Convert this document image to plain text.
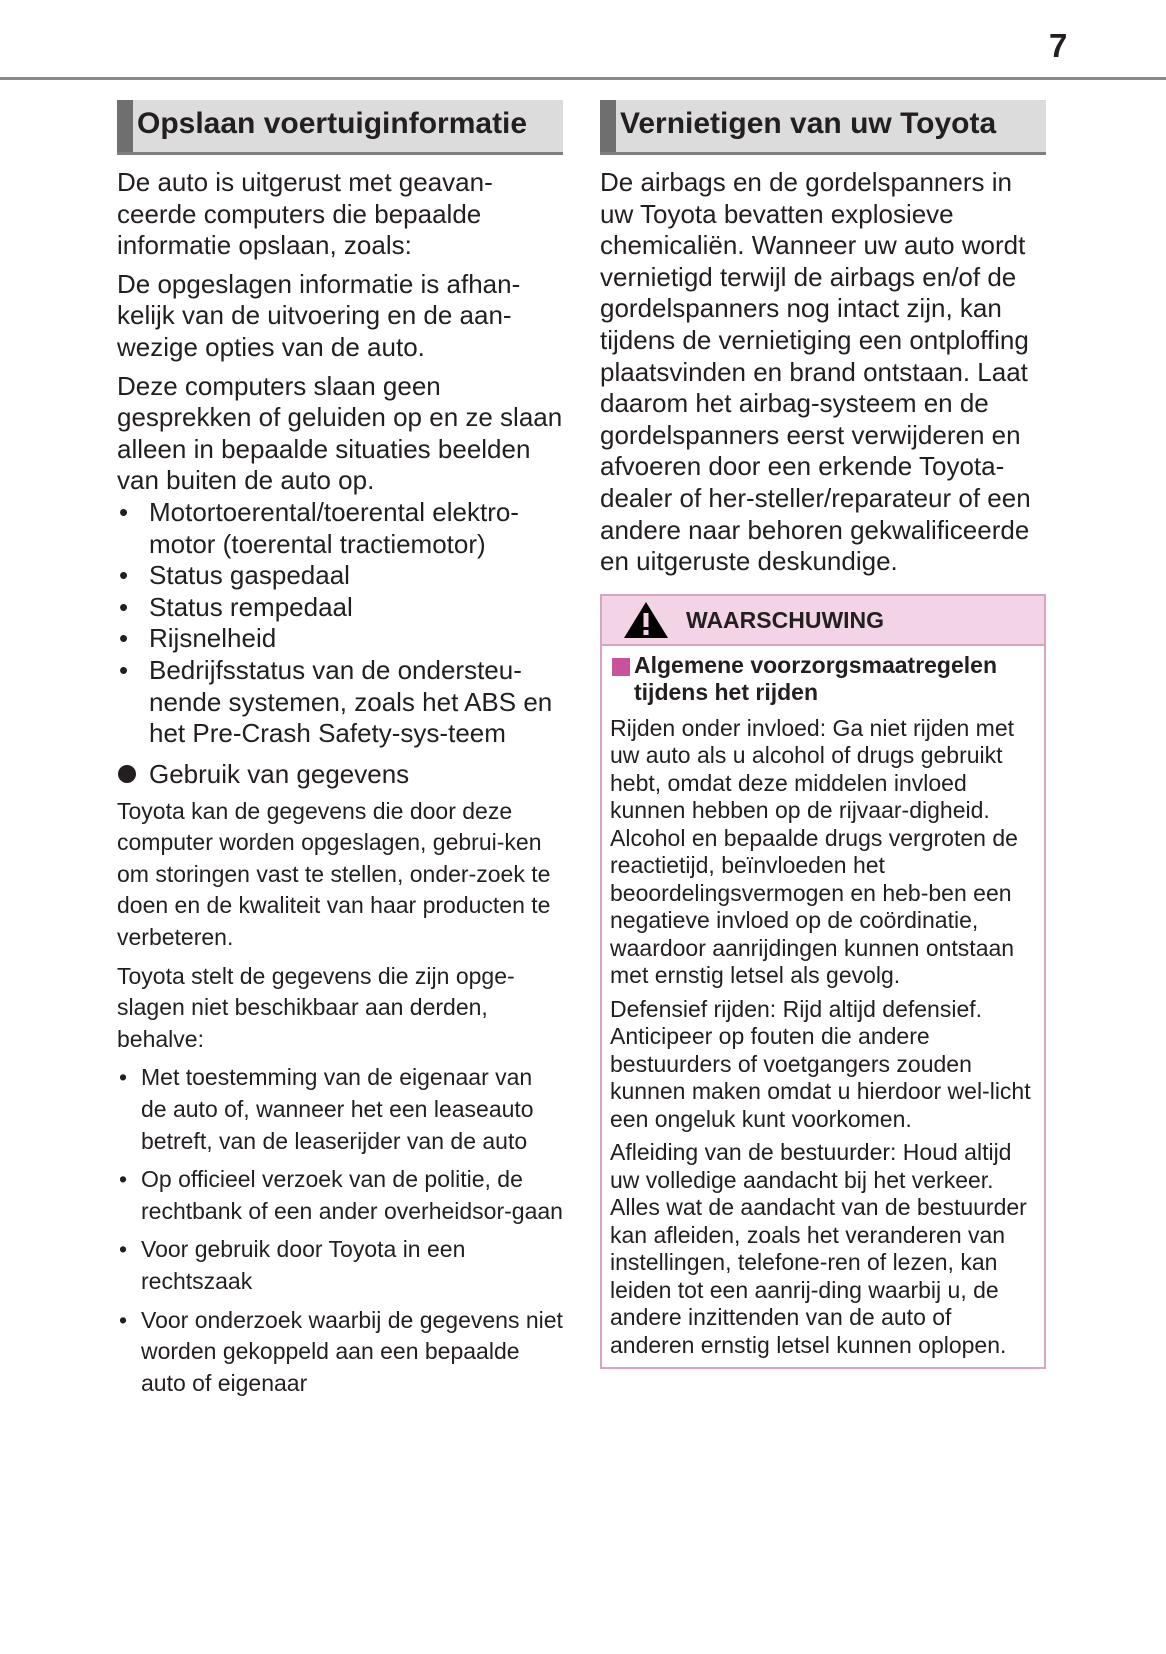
7
Opslaan voertuiginformatie

De auto is uitgerust met geavan-ceerde computers die bepaalde informatie opslaan, zoals:

De opgeslagen informatie is afhan-kelijk van de uitvoering en de aan-wezige opties van de auto.

Deze computers slaan geen gesprekken of geluiden op en ze slaan alleen in bepaalde situaties beelden van buiten de auto op.

• Motortoerental/toerental elektro-motor (toerental tractiemotor)
• Status gaspedaal
• Status rempedaal
• Rijsnelheid
• Bedrijfsstatus van de ondersteu-nende systemen, zoals het ABS en het Pre-Crash Safety-sys-teem
Gebruik van gegevens

Toyota kan de gegevens die door deze computer worden opgeslagen, gebrui-ken om storingen vast te stellen, onder-zoek te doen en de kwaliteit van haar producten te verbeteren.

Toyota stelt de gegevens die zijn opge-slagen niet beschikbaar aan derden, behalve:

• Met toestemming van de eigenaar van de auto of, wanneer het een leaseauto betreft, van de leaserijder van de auto
• Op officieel verzoek van de politie, de rechtbank of een ander overheidsor-gaan
• Voor gebruik door Toyota in een rechtszaak
• Voor onderzoek waarbij de gegevens niet worden gekoppeld aan een bepaalde auto of eigenaar
Vernietigen van uw Toyota

De airbags en de gordelspanners in uw Toyota bevatten explosieve chemicaliën. Wanneer uw auto wordt vernietigd terwijl de airbags en/of de gordelspanners nog intact zijn, kan tijdens de vernietiging een ontploffing plaatsvinden en brand ontstaan. Laat daarom het airbag-systeem en de gordelspanners eerst verwijderen en afvoeren door een erkende Toyota-dealer of her-steller/reparateur of een andere naar behoren gekwalificeerde en uitgeruste deskundige.

WAARSCHUWING
Algemene voorzorgsmaatregelen tijdens het rijden

Rijden onder invloed: Ga niet rijden met uw auto als u alcohol of drugs gebruikt hebt, omdat deze middelen invloed kunnen hebben op de rijvaar-digheid. Alcohol en bepaalde drugs vergroten de reactietijd, beïnvloeden het beoordelingsvermogen en heb-ben een negatieve invloed op de coördinatie, waardoor aanrijdingen kunnen ontstaan met ernstig letsel als gevolg.

Defensief rijden: Rijd altijd defensief. Anticipeer op fouten die andere bestuurders of voetgangers zouden kunnen maken omdat u hierdoor wel-licht een ongeluk kunt voorkomen.

Afleiding van de bestuurder: Houd altijd uw volledige aandacht bij het verkeer. Alles wat de aandacht van de bestuurder kan afleiden, zoals het veranderen van instellingen, telefone-ren of lezen, kan leiden tot een aanrij-ding waarbij u, de andere inzittenden van de auto of anderen ernstig letsel kunnen oplopen.
